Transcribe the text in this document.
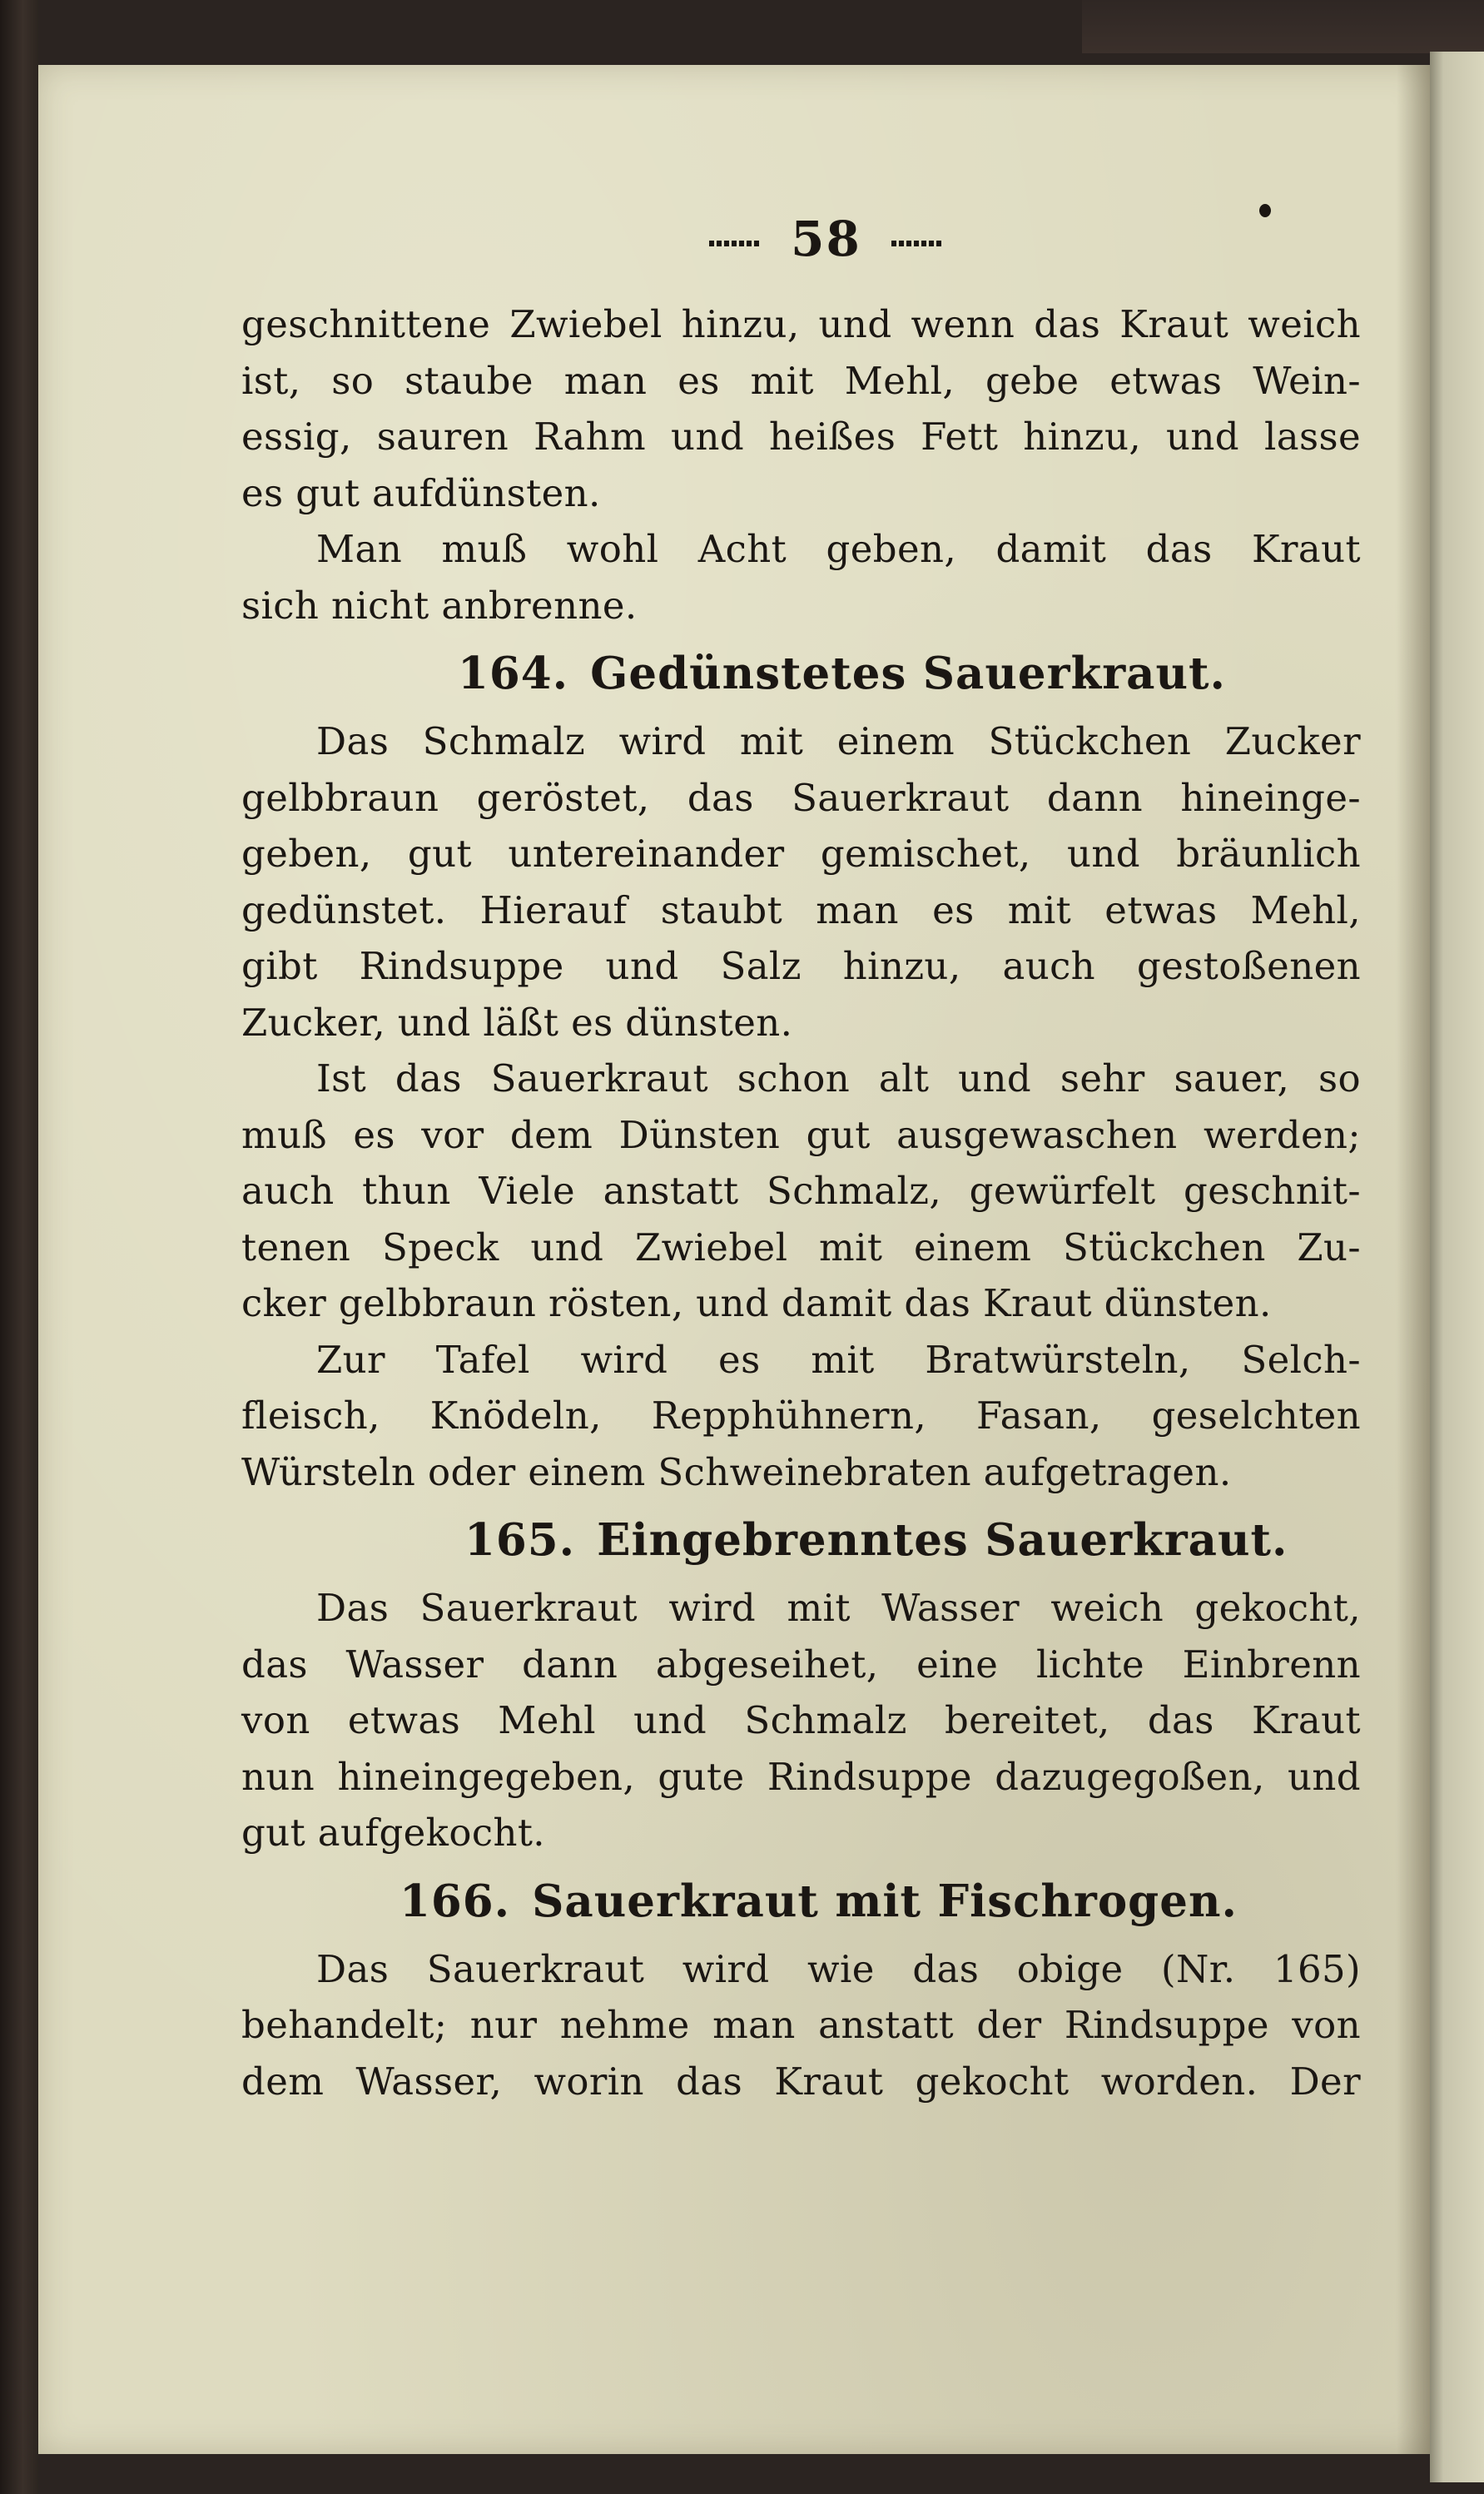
58
geschnittene Zwiebel hinzu, und wenn das Kraut weich
ist, so staube man es mit Mehl, gebe etwas Wein-
essig, sauren Rahm und heißes Fett hinzu, und lasse
es gut aufdünsten.
Man muß wohl Acht geben, damit das Kraut
sich nicht anbrenne.
164. Gedünstetes Sauerkraut.
Das Schmalz wird mit einem Stückchen Zucker
gelbbraun geröstet, das Sauerkraut dann hineinge-
geben, gut untereinander gemischet, und bräunlich
gedünstet. Hierauf staubt man es mit etwas Mehl,
gibt Rindsuppe und Salz hinzu, auch gestoßenen
Zucker, und läßt es dünsten.
Ist das Sauerkraut schon alt und sehr sauer, so
muß es vor dem Dünsten gut ausgewaschen werden;
auch thun Viele anstatt Schmalz, gewürfelt geschnit-
tenen Speck und Zwiebel mit einem Stückchen Zu-
cker gelbbraun rösten, und damit das Kraut dünsten.
Zur Tafel wird es mit Bratwürsteln, Selch-
fleisch, Knödeln, Repphühnern, Fasan, geselchten
Würsteln oder einem Schweinebraten aufgetragen.
165. Eingebrenntes Sauerkraut.
Das Sauerkraut wird mit Wasser weich gekocht,
das Wasser dann abgeseihet, eine lichte Einbrenn
von etwas Mehl und Schmalz bereitet, das Kraut
nun hineingegeben, gute Rindsuppe dazugegoßen, und
gut aufgekocht.
166. Sauerkraut mit Fischrogen.
Das Sauerkraut wird wie das obige (Nr. 165)
behandelt; nur nehme man anstatt der Rindsuppe von
dem Wasser, worin das Kraut gekocht worden. Der
